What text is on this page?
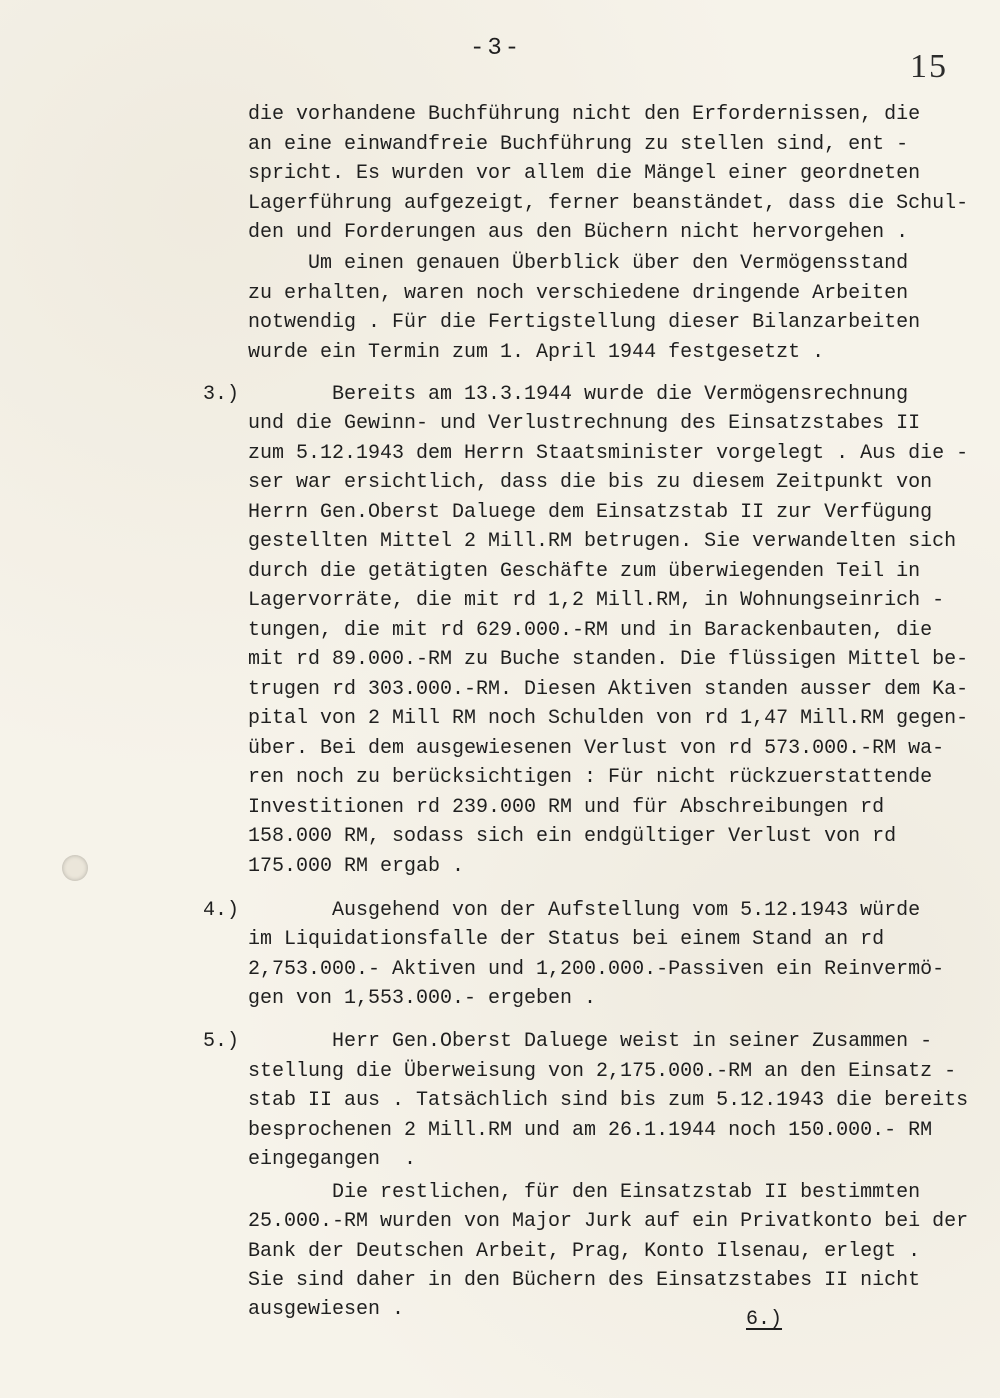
-3-	15
die vorhandene Buchführung nicht den Erfordernissen, die
an eine einwandfreie Buchführung zu stellen sind, ent -
spricht. Es wurden vor allem die Mängel einer geordneten
Lagerführung aufgezeigt, ferner beanständet, dass die Schul-
den und Forderungen aus den Büchern nicht hervorgehen .
Um einen genauen Überblick über den Vermögensstand
zu erhalten, waren noch verschiedene dringende Arbeiten
notwendig . Für die Fertigstellung dieser Bilanzarbeiten
wurde ein Termin zum 1. April 1944 festgesetzt .
3.) Bereits am 13.3.1944 wurde die Vermögensrechnung
und die Gewinn- und Verlustrechnung des Einsatzstabes II
zum 5.12.1943 dem Herrn Staatsminister vorgelegt . Aus die -
ser war ersichtlich, dass die bis zu diesem Zeitpunkt von
Herrn Gen.Oberst Daluege dem Einsatzstab II zur Verfügung
gestellten Mittel 2 Mill.RM betrugen. Sie verwandelten sich
durch die getätigten Geschäfte zum überwiegenden Teil in
Lagervorräte, die mit rd 1,2 Mill.RM, in Wohnungseinrich -
tungen, die mit rd 629.000.-RM und in Barackenbauten, die
mit rd 89.000.-RM zu Buche standen. Die flüssigen Mittel be-
trugen rd 303.000.-RM. Diesen Aktiven standen ausser dem Ka-
pital von 2 Mill RM noch Schulden von rd 1,47 Mill.RM gegen-
über. Bei dem ausgewiesenen Verlust von rd 573.000.-RM wa-
ren noch zu berücksichtigen : Für nicht rückzuerstattende
Investitionen rd 239.000 RM und für Abschreibungen rd
158.000 RM, sodass sich ein endgültiger Verlust von rd
175.000 RM ergab .
4.) Ausgehend von der Aufstellung vom 5.12.1943 würde
im Liquidationsfalle der Status bei einem Stand an rd
2,753.000.- Aktiven und 1,200.000.-Passiven ein Reinvermö-
gen von 1,553.000.- ergeben .
5.) Herr Gen.Oberst Daluege weist in seiner Zusammen -
stellung die Überweisung von 2,175.000.-RM an den Einsatz -
stab II aus . Tatsächlich sind bis zum 5.12.1943 die bereits
besprochenen 2 Mill.RM und am 26.1.1944 noch 150.000.- RM
eingegangen  .
Die restlichen, für den Einsatzstab II bestimmten
25.000.-RM wurden von Major Jurk auf ein Privatkonto bei der
Bank der Deutschen Arbeit, Prag, Konto Ilsenau, erlegt .
Sie sind daher in den Büchern des Einsatzstabes II nicht
ausgewiesen .	6.)
